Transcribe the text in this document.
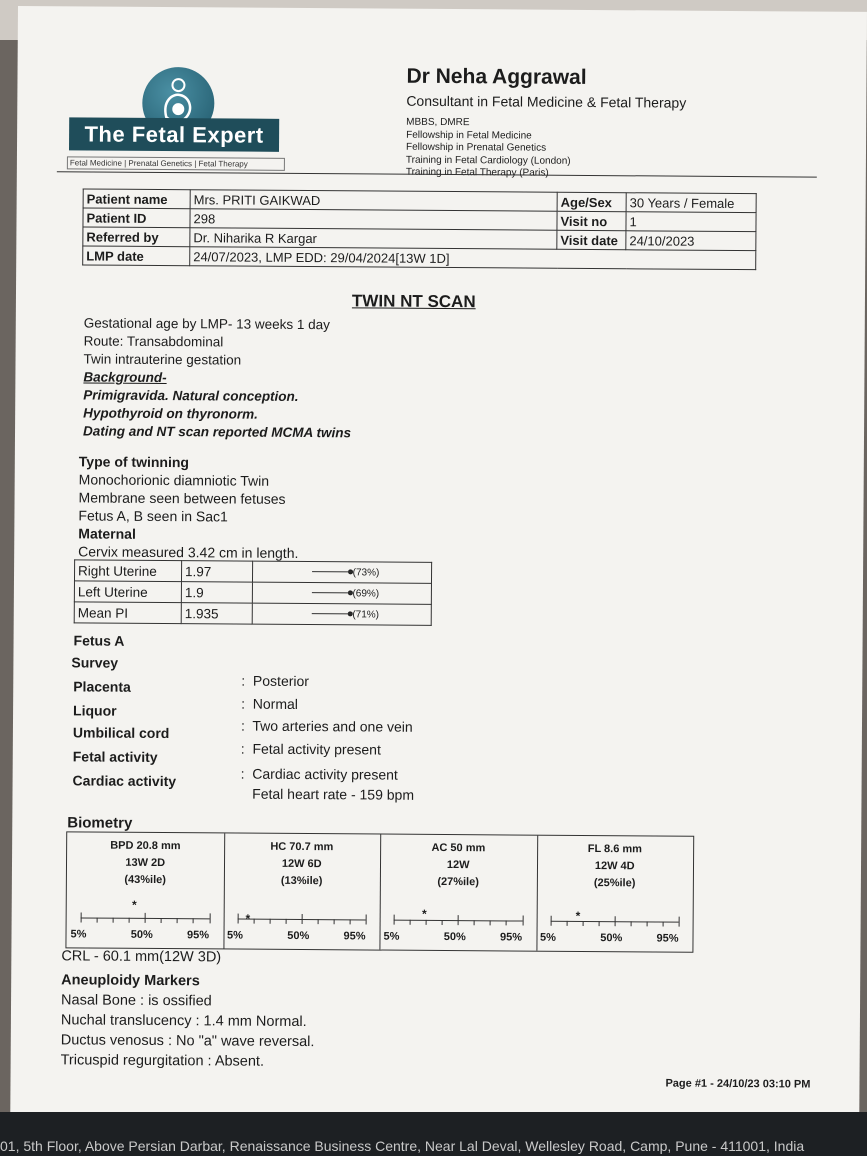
The Fetal Expert
Fetal Medicine | Prenatal Genetics | Fetal Therapy
Dr Neha Aggrawal
Consultant in Fetal Medicine & Fetal Therapy
MBBS, DMRE
Fellowship in Fetal Medicine
Fellowship in Prenatal Genetics
Training in Fetal Cardiology (London)
Training in Fetal Therapy (Paris)
Patient name	Mrs. PRITI GAIKWAD	Age/Sex	30 Years / Female
Patient ID	298	Visit no	1
Referred by	Dr. Niharika R Kargar	Visit date	24/10/2023
LMP date	24/07/2023, LMP EDD: 29/04/2024[13W 1D]		
TWIN NT SCAN
Gestational age by LMP- 13 weeks 1 day
Route: Transabdominal
Twin intrauterine gestation
Background-
Primigravida. Natural conception.
Hypothyroid on thyronorm.
Dating and NT scan reported MCMA twins
Type of twinning
Monochorionic diamniotic Twin
Membrane seen between fetuses
Fetus A, B seen in Sac1
Maternal
Cervix measured 3.42 cm in length.
Right Uterine	1.97	(73%)
Left Uterine	1.9	(69%)
Mean PI	1.935	(71%)
Fetus A
Survey
Placenta	:  Posterior
Liquor	:  Normal
Umbilical cord	:  Two arteries and one vein
Fetal activity	:  Fetal activity present
Cardiac activity	:  Cardiac activity present
Fetal heart rate - 159 bpm
Biometry
BPD 20.8 mm
13W 2D
(43%ile)
*
5%	50%	95%
HC 70.7 mm
12W 6D
(13%ile)
*
5%	50%	95%
AC 50 mm
12W
(27%ile)
*
5%	50%	95%
FL 8.6 mm
12W 4D
(25%ile)
*
5%	50%	95%
CRL - 60.1 mm(12W 3D)
Aneuploidy Markers
Nasal Bone : is ossified
Nuchal translucency : 1.4 mm Normal.
Ductus venosus : No "a" wave reversal.
Tricuspid regurgitation : Absent.
Page #1 - 24/10/23 03:10 PM
01, 5th Floor, Above Persian Darbar, Renaissance Business Centre, Near Lal Deval, Wellesley Road, Camp, Pune - 411001, India
